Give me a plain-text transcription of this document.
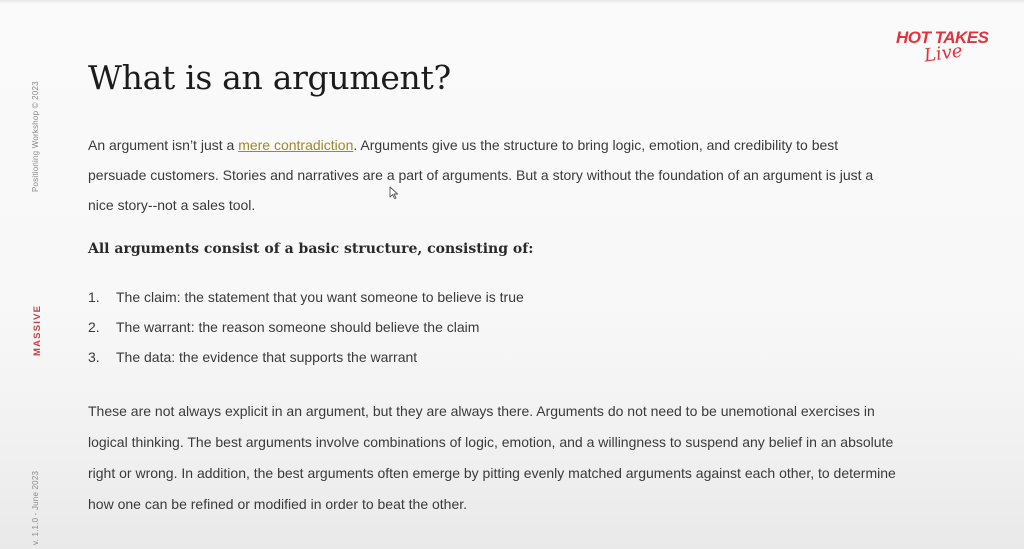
Positioning Workshop © 2023
MASSIVE
v. 1.1.0 - June 2023
HOT TAKES
Live
What is an argument?

An argument isn’t just a mere contradiction. Arguments give us the structure to bring logic, emotion, and credibility to best persuade customers. Stories and narratives are a part of arguments. But a story without the foundation of an argument is just a nice story--not a sales tool.

All arguments consist of a basic structure, consisting of:
1. The claim: the statement that you want someone to believe is true
2. The warrant: the reason someone should believe the claim
3. The data: the evidence that supports the warrant

These are not always explicit in an argument, but they are always there. Arguments do not need to be unemotional exercises in logical thinking. The best arguments involve combinations of logic, emotion, and a willingness to suspend any belief in an absolute right or wrong. In addition, the best arguments often emerge by pitting evenly matched arguments against each other, to determine how one can be refined or modified in order to beat the other.
